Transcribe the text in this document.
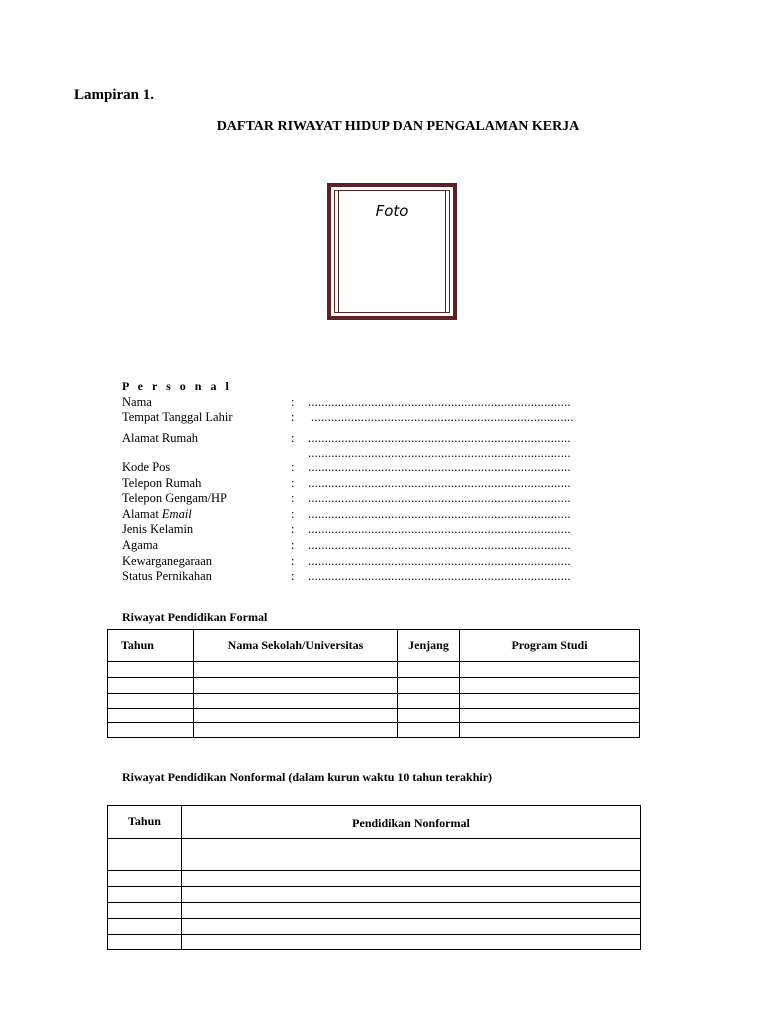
Lampiran 1.
DAFTAR RIWAYAT HIDUP DAN PENGALAMAN KERJA
Foto
P e r s o n a l
Nama	: ...............................................................................
Tempat Tanggal Lahir	: ...............................................................................
Alamat Rumah	: ...............................................................................
...............................................................................
Kode Pos	: ...............................................................................
Telepon Rumah	: ...............................................................................
Telepon Gengam/HP	: ...............................................................................
Alamat Email	: ...............................................................................
Jenis Kelamin	: ...............................................................................
Agama	: ...............................................................................
Kewarganegaraan	: ...............................................................................
Status Pernikahan	: ...............................................................................
Riwayat Pendidikan Formal
Tahun	Nama Sekolah/Universitas	Jenjang	Program Studi

Riwayat Pendidikan Nonformal (dalam kurun waktu 10 tahun terakhir)
Tahun	Pendidikan Nonformal
